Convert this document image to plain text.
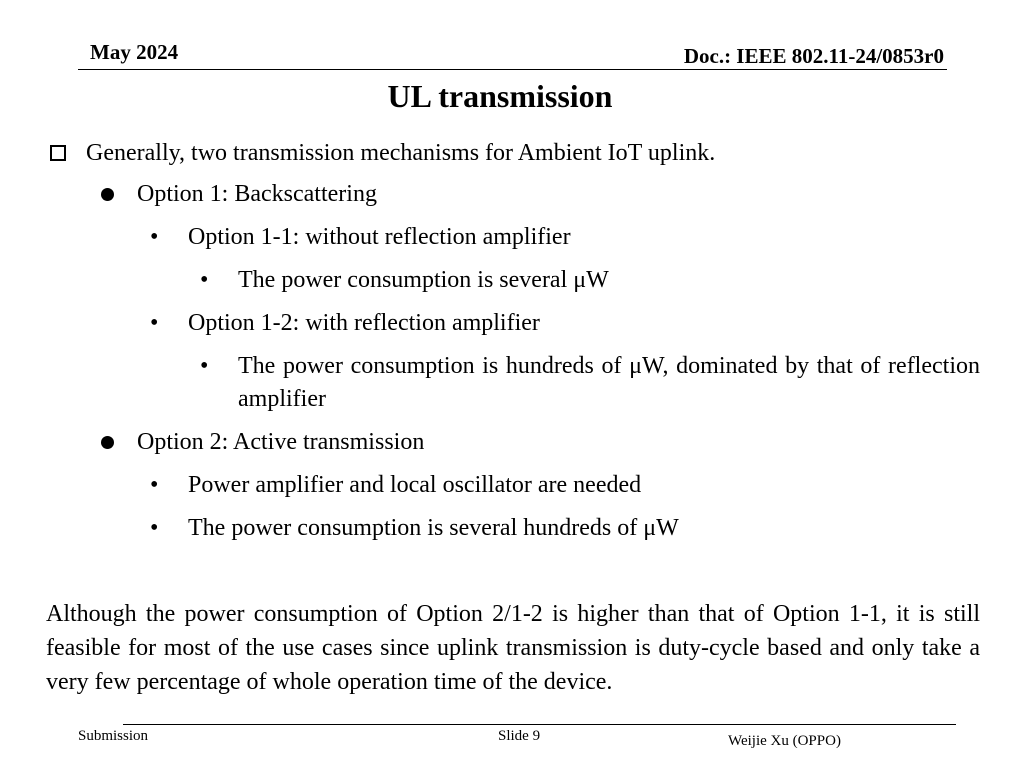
May 2024	Doc.: IEEE 802.11-24/0853r0
UL transmission
Generally, two transmission mechanisms for Ambient IoT uplink.
Option 1: Backscattering
• Option 1-1: without reflection amplifier
• The power consumption is several μW
• Option 1-2: with reflection amplifier
• The power consumption is hundreds of μW, dominated by that of reflection amplifier
Option 2: Active transmission
• Power amplifier and local oscillator are needed
• The power consumption is several hundreds of μW
Although the power consumption of Option 2/1-2 is higher than that of Option 1-1, it is still feasible for most of the use cases since uplink transmission is duty-cycle based and only take a very few percentage of whole operation time of the device.
Submission	Slide 9	Weijie Xu (OPPO)
